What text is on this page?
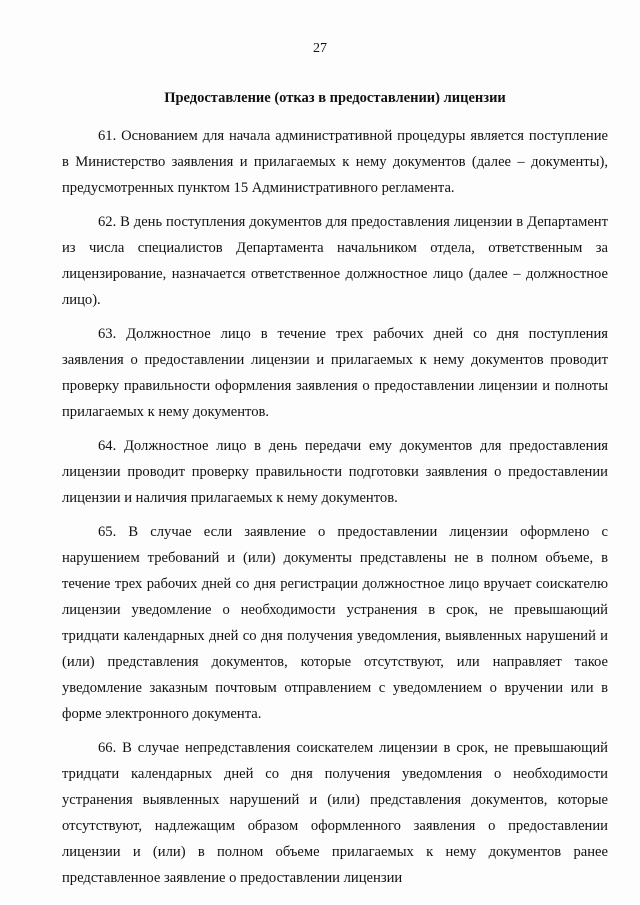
27
Предоставление (отказ в предоставлении) лицензии

61. Основанием для начала административной процедуры является поступление в Министерство заявления и прилагаемых к нему документов (далее – документы), предусмотренных пунктом 15 Административного регламента.

62. В день поступления документов для предоставления лицензии в Департамент из числа специалистов Департамента начальником отдела, ответственным за лицензирование, назначается ответственное должностное лицо (далее – должностное лицо).

63. Должностное лицо в течение трех рабочих дней со дня поступления заявления о предоставлении лицензии и прилагаемых к нему документов проводит проверку правильности оформления заявления о предоставлении лицензии и полноты прилагаемых к нему документов.

64. Должностное лицо в день передачи ему документов для предоставления лицензии проводит проверку правильности подготовки заявления о предоставлении лицензии и наличия прилагаемых к нему документов.

65. В случае если заявление о предоставлении лицензии оформлено с нарушением требований и (или) документы представлены не в полном объеме, в течение трех рабочих дней со дня регистрации должностное лицо вручает соискателю лицензии уведомление о необходимости устранения в срок, не превышающий тридцати календарных дней со дня получения уведомления, выявленных нарушений и (или) представления документов, которые отсутствуют, или направляет такое уведомление заказным почтовым отправлением с уведомлением о вручении или в форме электронного документа.

66. В случае непредставления соискателем лицензии в срок, не превышающий тридцати календарных дней со дня получения уведомления о необходимости устранения выявленных нарушений и (или) представления документов, которые отсутствуют, надлежащим образом оформленного заявления о предоставлении лицензии и (или) в полном объеме прилагаемых к нему документов ранее представленное заявление о предоставлении лицензии
